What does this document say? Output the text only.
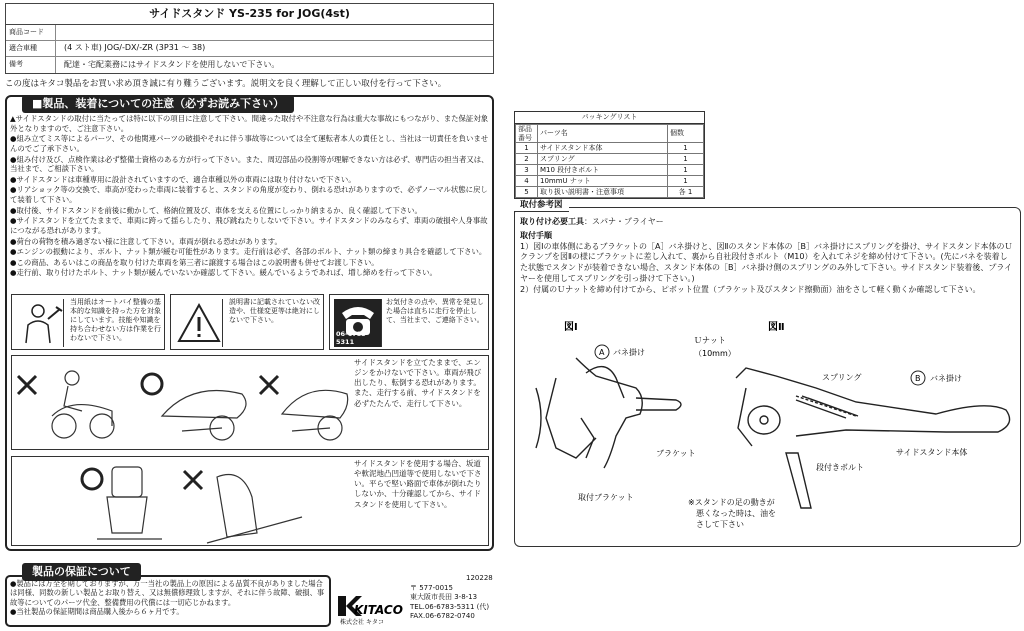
サイドスタンド YS-235 for JOG(4st)
商品コード
適合車種	(4 スト車) JOG/-DX/-ZR (3P31 ～ 38)
備考	配達・宅配業務にはサイドスタンドを使用しないで下さい。
この度はキタコ製品をお買い求め頂き誠に有り難うございます。説明文を良く理解して正しい取付を行って下さい。
■製品、装着についての注意（必ずお読み下さい）

▲サイドスタンドの取付に当たっては特に以下の項目に注意して下さい。間違った取付や不注意な行為は重大な事故にもつながり、また保証対象外となりますので、ご注意下さい。

●組み立てミス等によるパーツ、その他関連パーツの破損やそれに伴う事故等については全て運転者本人の責任とし、当社は一切責任を負いませんのでご了承下さい。

●組み付け及び、点検作業は必ず整備士資格のある方が行って下さい。また、周辺部品の役割等が理解できない方は必ず、専門店の担当者又は、当社まで、ご相談下さい。

●サイドスタンドは車種専用に設計されていますので、適合車種以外の車両には取り付けないで下さい。

●リアショック等の交換で、車高が変わった車両に装着すると、スタンドの角度が変わり、倒れる恐れがありますので、必ずノーマル状態に戻して装着して下さい。

●取付後、サイドスタンドを前後に動かして、格納位置及び、車体を支える位置にしっかり納まるか、良く確認して下さい。

●サイドスタンドを立てたままで、車両に跨って揺らしたり、飛び跳ねたりしないで下さい。サイドスタンドのみならず、車両の破損や人身事故につながる恐れがあります。

●荷台の荷物を積み過ぎない様に注意して下さい。車両が倒れる恐れがあります。

●エンジンの振動により、ボルト、ナット類が緩む可能性があります。走行前は必ず、各部のボルト、ナット類の締まり具合を確認して下さい。

●この商品、あるいはこの商品を取り付けた車両を第三者に譲渡する場合はこの説明書も併せてお渡し下さい。

●走行前、取り付けたボルト、ナット類が緩んでいないか確認して下さい。緩んでいるようであれば、増し締めを行って下さい。

当用紙はオートバイ整備の基本的な知識を持った方を対象にしています。技能や知識を持ち合わせない方は作業を行わないで下さい。
説明書に記載されていない改造や、仕様変更等は絶対にしないで下さい。
06-6783-5311
お気付きの点や、異常を発見した場合は直ちに走行を停止して、当社まで、ご連絡下さい。
サイドスタンドを立てたままで、エンジンをかけないで下さい。車両が飛び出したり、転倒する恐れがあります。また、走行する前、サイドスタンドを必ずたたんで、走行して下さい。
サイドスタンドを使用する場合、坂道や軟泥地凸凹道等で使用しないで下さい。平らで堅い路面で車体が倒れたりしないか、十分確認してから、サイドスタンドを使用して下さい。
製品の保証について
●製品には万全を期しておりますが、万一当社の製品上の原因による品質不良がありました場合は同様、同数の新しい製品とお取り替え、又は無償修理致しますが、それに伴う故障、破損、事故等についてのパーツ代金、整備費用の代償には一切応じかねます。
●当社製品の保証期間は商品購入後から６ヶ月です。
120228
KITACO
株式会社 キタコ
〒 577-0015
東大阪市長田 3-8-13
TEL.06-6783-5311 (代)
FAX.06-6782-0740
パッキングリスト
部品番号	パーツ名	個数
1	サイドスタンド本体	1
2	スプリング	1
3	M10 段付きボルト	1
4	10mmU ナット	1
5	取り扱い説明書・注意事項	各 1
取付参考図
取り付け必要工具：スパナ・プライヤー
取付手順
1）図Ⅰの車体側にあるブラケットの［A］バネ掛けと、図Ⅱのスタンド本体の［B］バネ掛けにスプリングを掛け、サイドスタンド本体のＵクランプを図Ⅱの様にブラケットに差し入れて、裏から自社段付きボルト（M10）を入れてネジを締め付けて下さい。(先にバネを装着した状態でスタンドが装着できない場合、スタンド本体の［B］バネ掛け側のスプリングのみ外して下さい。サイドスタンド装着後、プライヤーを使用してスプリングを引っ掛けて下さい。)
2）付属のＵナットを締め付けてから、ピボット位置（ブラケット及びスタンド擦動面）油をさして軽く動くか確認して下さい。
図Ⅰ	図Ⅱ
A バネ掛け
ブラケット
取付ブラケット
Ｕナット
（10mm）
スプリング	B バネ掛け
サイドスタンド本体
段付きボルト
※スタンドの足の動きが 悪くなった時は、油を さして下さい
